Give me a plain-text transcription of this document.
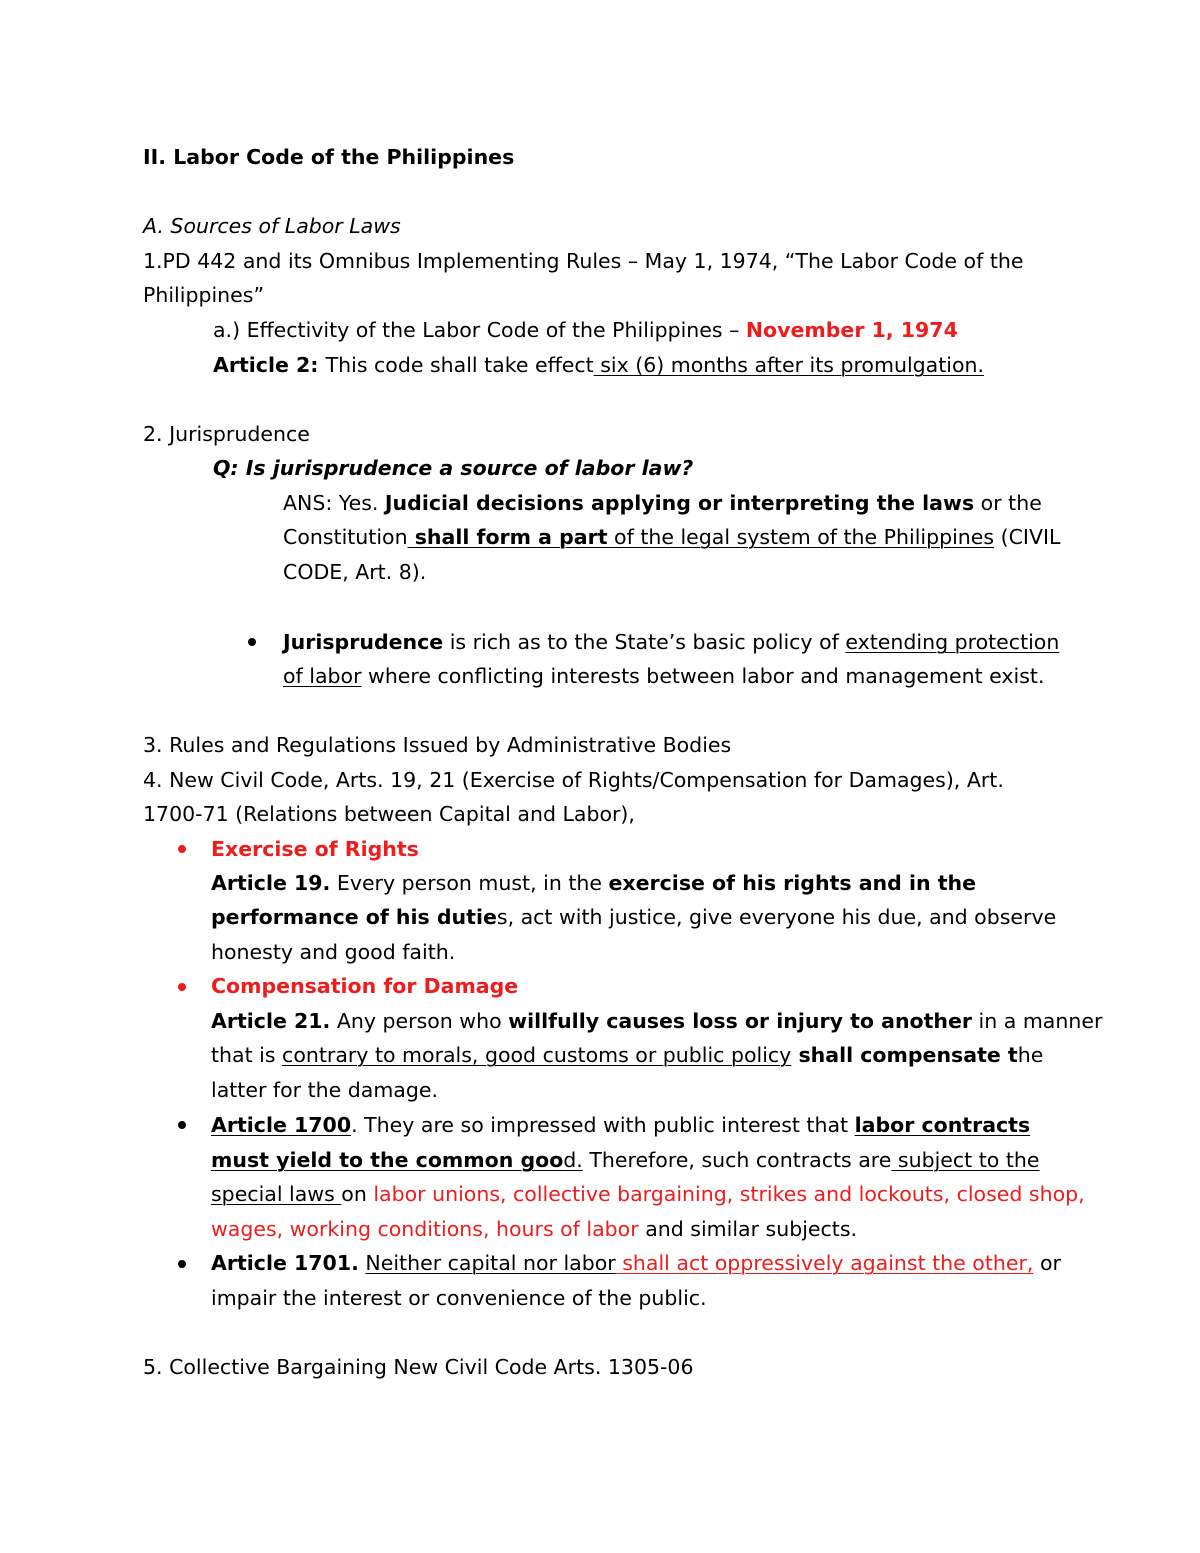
II. Labor Code of the Philippines
A. Sources of Labor Laws
1.PD 442 and its Omnibus Implementing Rules – May 1, 1974, “The Labor Code of the
Philippines”
a.) Effectivity of the Labor Code of the Philippines – November 1, 1974
Article 2: This code shall take effect six (6) months after its promulgation.
2. Jurisprudence
Q: Is jurisprudence a source of labor law?
ANS: Yes. Judicial decisions applying or interpreting the laws or the
Constitution shall form a part of the legal system of the Philippines (CIVIL
CODE, Art. 8).
Jurisprudence is rich as to the State’s basic policy of extending protection
of labor where conflicting interests between labor and management exist.
3. Rules and Regulations Issued by Administrative Bodies
4. New Civil Code, Arts. 19, 21 (Exercise of Rights/Compensation for Damages), Art.
1700-71 (Relations between Capital and Labor),
Exercise of Rights
Article 19. Every person must, in the exercise of his rights and in the
performance of his duties, act with justice, give everyone his due, and observe
honesty and good faith.
Compensation for Damage
Article 21. Any person who willfully causes loss or injury to another in a manner
that is contrary to morals, good customs or public policy shall compensate the
latter for the damage.
Article 1700. They are so impressed with public interest that labor contracts
must yield to the common good. Therefore, such contracts are subject to the
special laws on labor unions, collective bargaining, strikes and lockouts, closed shop,
wages, working conditions, hours of labor and similar subjects.
Article 1701. Neither capital nor labor shall act oppressively against the other, or
impair the interest or convenience of the public.
5. Collective Bargaining New Civil Code Arts. 1305-06
